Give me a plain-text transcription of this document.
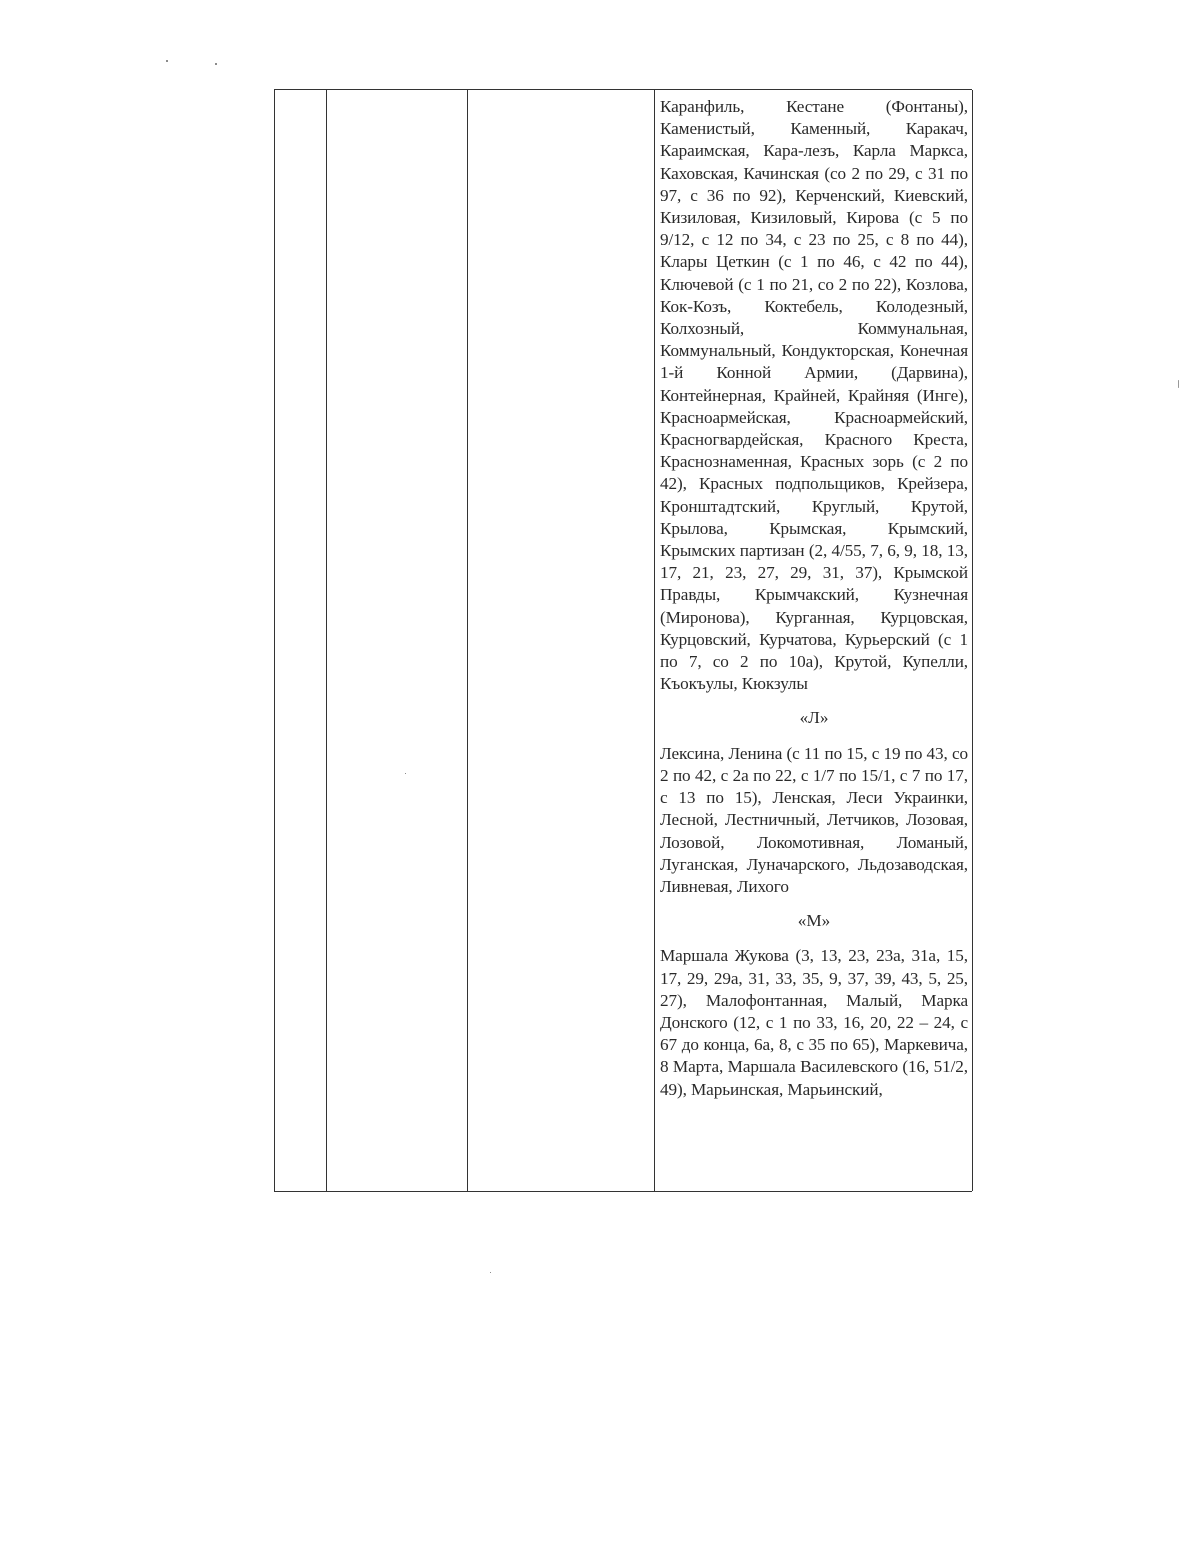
Каранфиль, Кестане (Фонтаны), Каменистый, Каменный, Каракач, Караимская, Кара-лезъ, Карла Маркса, Каховская, Качинская (со 2 по 29, с 31 по 97, с 36 по 92), Керченский, Киевский, Кизиловая, Кизиловый, Кирова (с 5 по 9/12, с 12 по 34, с 23 по 25, с 8 по 44), Клары Цеткин (с 1 по 46, с 42 по 44), Ключевой (с 1 по 21, со 2 по 22), Козлова, Кок-Козъ, Коктебель, Колодезный, Колхозный, Коммунальная, Коммунальный, Кондукторская, Конечная 1-й Конной Армии, (Дарвина), Контейнерная, Крайней, Крайняя (Инге), Красноармейская, Красноармейский, Красногвардейская, Красного Креста, Краснознаменная, Красных зорь (с 2 по 42), Красных подпольщиков, Крейзера, Кронштадтский, Круглый, Крутой, Крылова, Крымская, Крымский, Крымских партизан (2, 4/55, 7, 6, 9, 18, 13, 17, 21, 23, 27, 29, 31, 37), Крымской Правды, Крымчакский, Кузнечная (Миронова), Курганная, Курцовская, Курцовский, Курчатова, Курьерский (с 1 по 7, со 2 по 10а), Крутой, Купелли, Къокъулы, Кюкзулы

«Л»

Лексина, Ленина (с 11 по 15, с 19 по 43, со 2 по 42, с 2а по 22, с 1/7 по 15/1, с 7 по 17, с 13 по 15), Ленская, Леси Украинки, Лесной, Лестничный, Летчиков, Лозовая, Лозовой, Локомотивная, Ломаный, Луганская, Луначарского, Льдозаводская, Ливневая, Лихого

«М»

Маршала Жукова (3, 13, 23, 23а, 31а, 15, 17, 29, 29а, 31, 33, 35, 9, 37, 39, 43, 5, 25, 27), Малофонтанная, Малый, Марка Донского (12, с 1 по 33, 16, 20, 22 – 24, с 67 до конца, 6а, 8, с 35 по 65), Маркевича, 8 Марта, Маршала Василевского (16, 51/2, 49), Марьинская, Марьинский,
